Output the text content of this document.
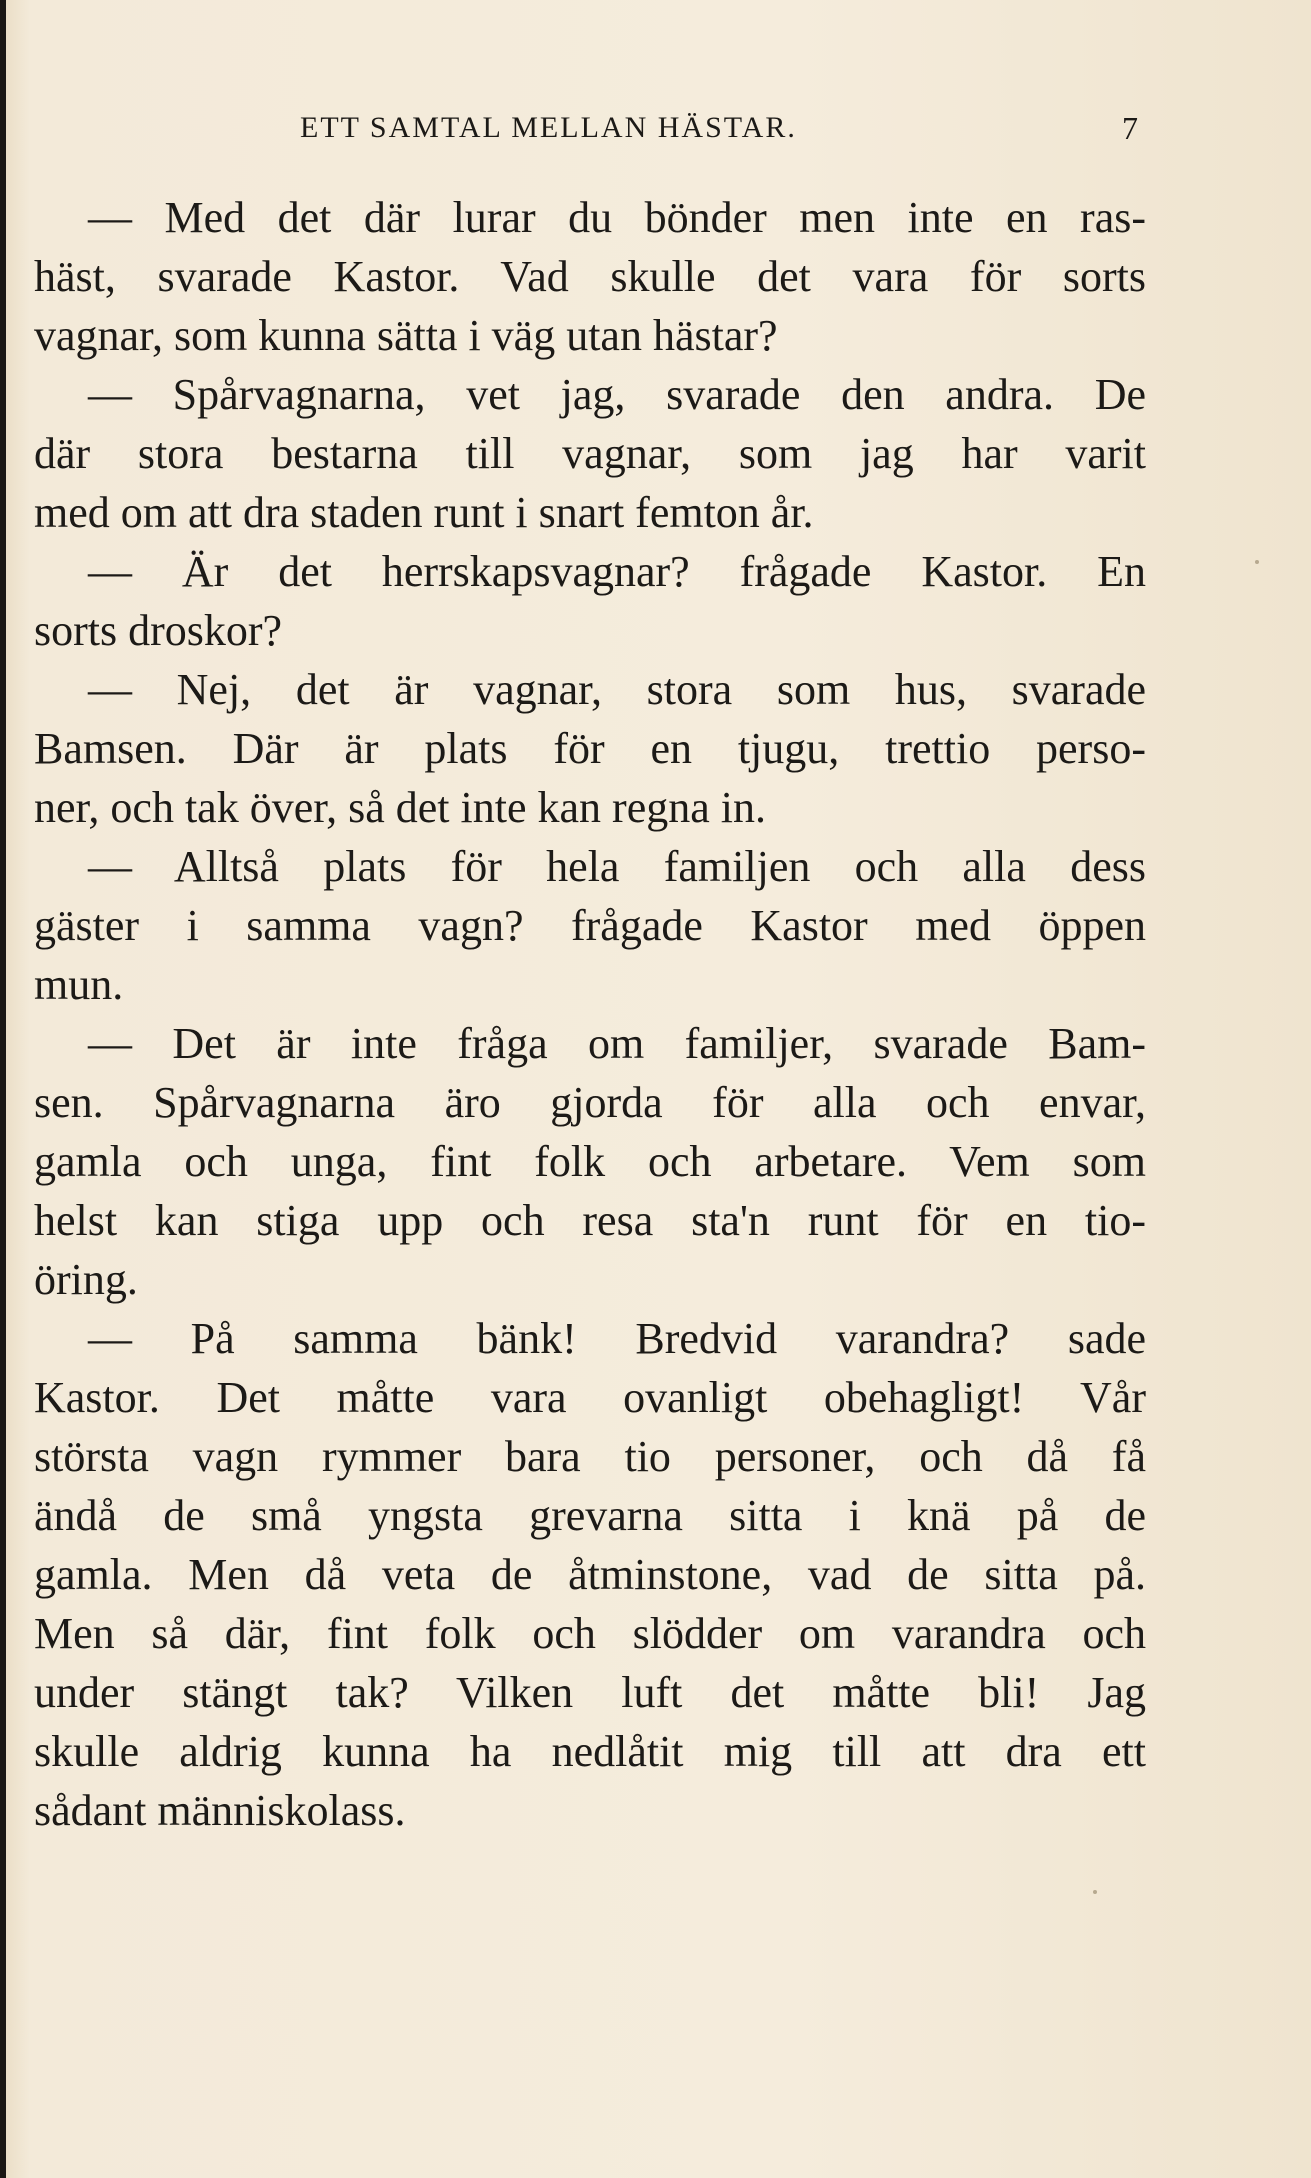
ETT SAMTAL MELLAN HÄSTAR.	7
— Med det där lurar du bönder men inte en ras-
häst, svarade Kastor. Vad skulle det vara för sorts
vagnar, som kunna sätta i väg utan hästar?
— Spårvagnarna, vet jag, svarade den andra. De
där stora bestarna till vagnar, som jag har varit
med om att dra staden runt i snart femton år.
— Är det herrskapsvagnar? frågade Kastor. En
sorts droskor?
— Nej, det är vagnar, stora som hus, svarade
Bamsen. Där är plats för en tjugu, trettio perso-
ner, och tak över, så det inte kan regna in.
— Alltså plats för hela familjen och alla dess
gäster i samma vagn? frågade Kastor med öppen
mun.
— Det är inte fråga om familjer, svarade Bam-
sen. Spårvagnarna äro gjorda för alla och envar,
gamla och unga, fint folk och arbetare. Vem som
helst kan stiga upp och resa sta'n runt för en tio-
öring.
— På samma bänk! Bredvid varandra? sade
Kastor. Det måtte vara ovanligt obehagligt! Vår
största vagn rymmer bara tio personer, och då få
ändå de små yngsta grevarna sitta i knä på de
gamla. Men då veta de åtminstone, vad de sitta på.
Men så där, fint folk och slödder om varandra och
under stängt tak? Vilken luft det måtte bli! Jag
skulle aldrig kunna ha nedlåtit mig till att dra ett
sådant människolass.
